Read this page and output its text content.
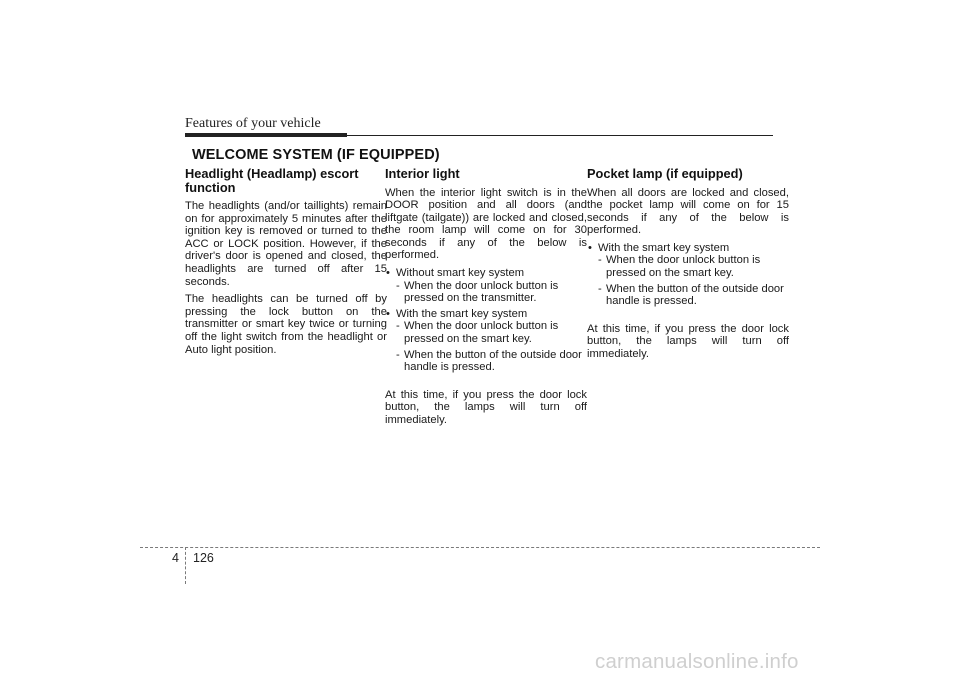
Features of your vehicle
WELCOME SYSTEM (IF EQUIPPED)
Headlight (Headlamp) escort function

The headlights (and/or taillights) remain on for approximately 5 minutes after the ignition key is removed or turned to the ACC or LOCK position. However, if the driver's door is opened and closed, the headlights are turned off after 15 seconds.

The headlights can be turned off by pressing the lock button on the transmitter or smart key twice or turning off the light switch from the headlight or Auto light position.

Interior light

When the interior light switch is in the DOOR position and all doors (and liftgate (tailgate)) are locked and closed, the room lamp will come on for 30 seconds if any of the below is performed.

• Without smart key system
- When the door unlock button is pressed on the transmitter.
• With the smart key system
- When the door unlock button is pressed on the smart key.
- When the button of the outside door handle is pressed.

At this time, if you press the door lock button, the lamps will turn off immediately.

Pocket lamp (if equipped)

When all doors are locked and closed, the pocket lamp will come on for 15 seconds if any of the below is performed.

• With the smart key system
- When the door unlock button is pressed on the smart key.
- When the button of the outside door handle is pressed.

At this time, if you press the door lock button, the lamps will turn off immediately.

4 126
carmanualsonline.info
